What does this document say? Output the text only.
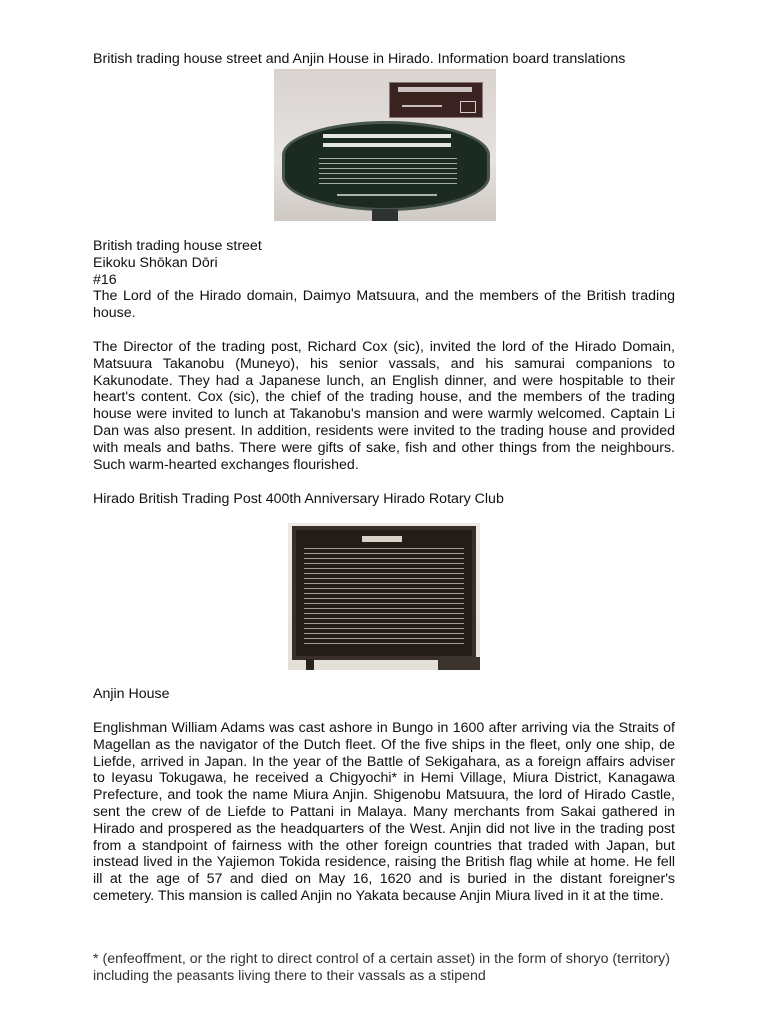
British trading house street and Anjin House in Hirado. Information board translations

British trading house street

Eikoku Shōkan Dōri

#16

The Lord of the Hirado domain, Daimyo Matsuura, and the members of the British trading house.

The Director of the trading post, Richard Cox (sic), invited the lord of the Hirado Domain, Matsuura Takanobu (Muneyo), his senior vassals, and his samurai companions to Kakunodate. They had a Japanese lunch, an English dinner, and were hospitable to their heart's content. Cox (sic), the chief of the trading house, and the members of the trading house were invited to lunch at Takanobu's mansion and were warmly welcomed. Captain Li Dan was also present. In addition, residents were invited to the trading house and provided with meals and baths. There were gifts of sake, fish and other things from the neighbours. Such warm-hearted exchanges flourished.

Hirado British Trading Post 400th Anniversary Hirado Rotary Club

Anjin House

Englishman William Adams was cast ashore in Bungo in 1600 after arriving via the Straits of Magellan as the navigator of the Dutch fleet. Of the five ships in the fleet, only one ship, de Liefde, arrived in Japan. In the year of the Battle of Sekigahara, as a foreign affairs adviser to Ieyasu Tokugawa, he received a Chigyochi* in Hemi Village, Miura District, Kanagawa Prefecture, and took the name Miura Anjin. Shigenobu Matsuura, the lord of Hirado Castle, sent the crew of de Liefde to Pattani in Malaya. Many merchants from Sakai gathered in Hirado and prospered as the headquarters of the West. Anjin did not live in the trading post from a standpoint of fairness with the other foreign countries that traded with Japan, but instead lived in the Yajiemon Tokida residence, raising the British flag while at home. He fell ill at the age of 57 and died on May 16, 1620 and is buried in the distant foreigner's cemetery. This mansion is called Anjin no Yakata because Anjin Miura lived in it at the time.

* (enfeoffment, or the right to direct control of a certain asset) in the form of shoryo (territory) including the peasants living there to their vassals as a stipend
